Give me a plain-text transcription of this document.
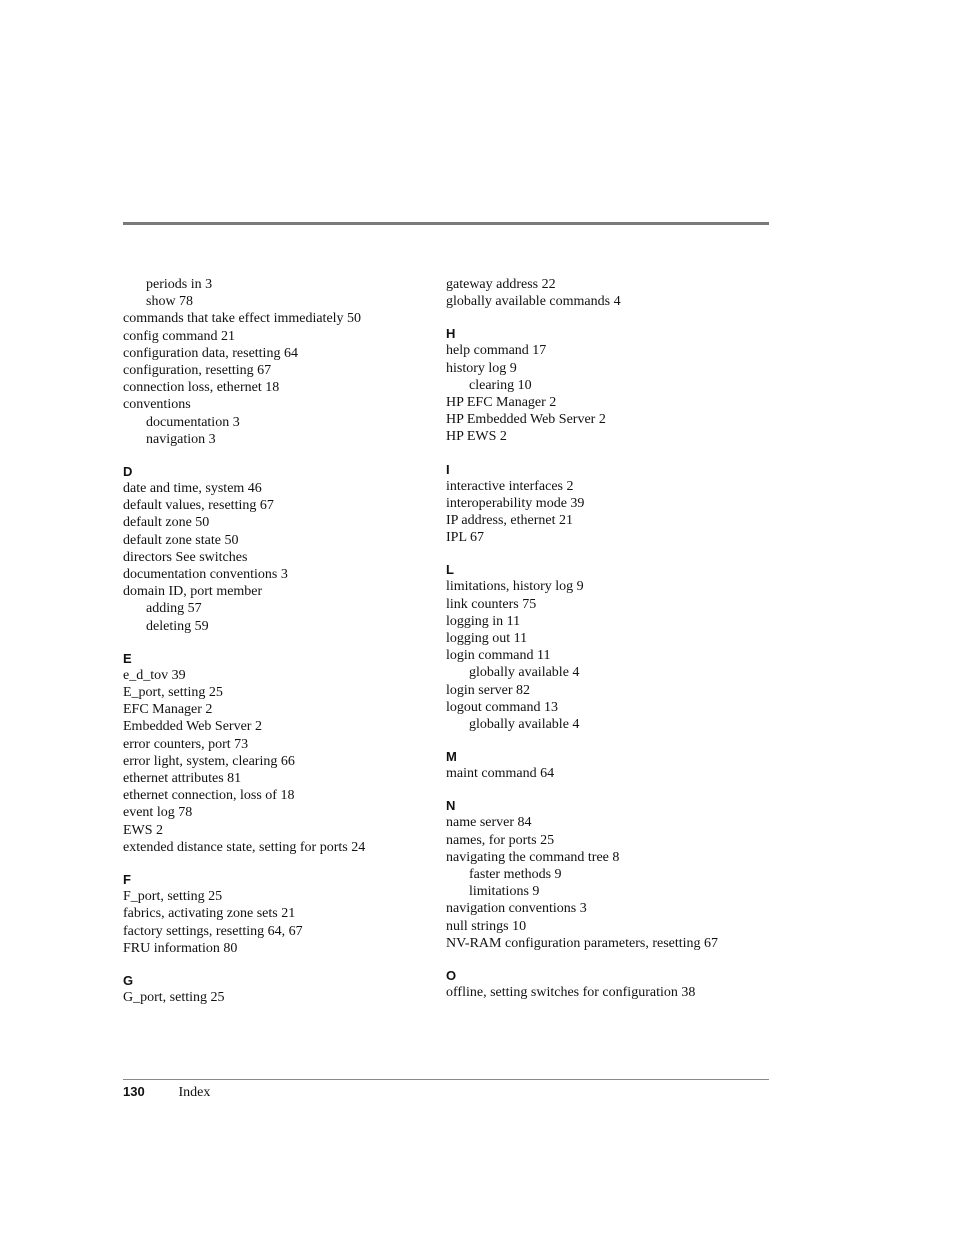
periods in 3
show 78
commands that take effect immediately 50
config command 21
configuration data, resetting 64
configuration, resetting 67
connection loss, ethernet 18
conventions
documentation 3
navigation 3
D
date and time, system 46
default values, resetting 67
default zone 50
default zone state 50
directors See switches
documentation conventions 3
domain ID, port member
adding 57
deleting 59
E
e_d_tov 39
E_port, setting 25
EFC Manager 2
Embedded Web Server 2
error counters, port 73
error light, system, clearing 66
ethernet attributes 81
ethernet connection, loss of 18
event log 78
EWS 2
extended distance state, setting for ports 24
F
F_port, setting 25
fabrics, activating zone sets 21
factory settings, resetting 64, 67
FRU information 80
G
G_port, setting 25
gateway address 22
globally available commands 4
H
help command 17
history log 9
clearing 10
HP EFC Manager 2
HP Embedded Web Server 2
HP EWS 2
I
interactive interfaces 2
interoperability mode 39
IP address, ethernet 21
IPL 67
L
limitations, history log 9
link counters 75
logging in 11
logging out 11
login command 11
globally available 4
login server 82
logout command 13
globally available 4
M
maint command 64
N
name server 84
names, for ports 25
navigating the command tree 8
faster methods 9
limitations 9
navigation conventions 3
null strings 10
NV-RAM configuration parameters, resetting 67
O
offline, setting switches for configuration 38
130 Index
